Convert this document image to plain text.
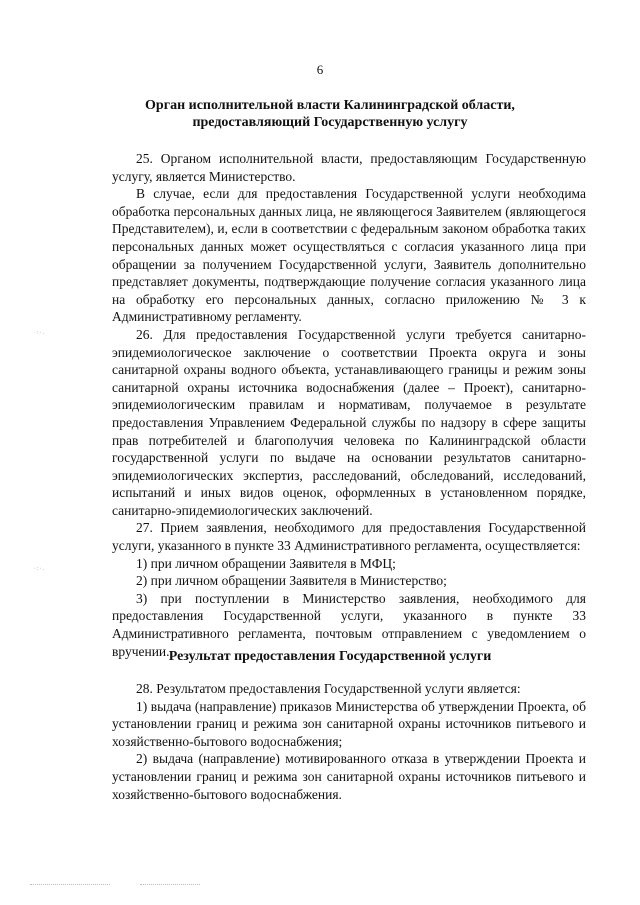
6
Орган исполнительной власти Калининградской области,
предоставляющий Государственную услугу

25. Органом исполнительной власти, предоставляющим Государственную услугу, является Министерство.

В случае, если для предоставления Государственной услуги необходима обработка персональных данных лица, не являющегося Заявителем (являющегося Представителем), и, если в соответствии с федеральным законом обработка таких персональных данных может осуществляться с согласия указанного лица при обращении за получением Государственной услуги, Заявитель дополнительно представляет документы, подтверждающие получение согласия указанного лица на обработку его персональных данных, согласно приложению № 3 к Административному регламенту.

26. Для предоставления Государственной услуги требуется санитарно-эпидемиологическое заключение о соответствии Проекта округа и зоны санитарной охраны водного объекта, устанавливающего границы и режим зоны санитарной охраны источника водоснабжения (далее – Проект), санитарно-эпидемиологическим правилам и нормативам, получаемое в результате предоставления Управлением Федеральной службы по надзору в сфере защиты прав потребителей и благополучия человека по Калининградской области государственной услуги по выдаче на основании результатов санитарно-эпидемиологических экспертиз, расследований, обследований, исследований, испытаний и иных видов оценок, оформленных в установленном порядке, санитарно-эпидемиологических заключений.

27. Прием заявления, необходимого для предоставления Государственной услуги, указанного в пункте 33 Административного регламента, осуществляется:

1) при личном обращении Заявителя в МФЦ;

2) при личном обращении Заявителя в Министерство;

3) при поступлении в Министерство заявления, необходимого для предоставления Государственной услуги, указанного в пункте 33 Административного регламента, почтовым отправлением с уведомлением о вручении. Результат предоставления Государственной услуги

28. Результатом предоставления Государственной услуги является:

1) выдача (направление) приказов Министерства об утверждении Проекта, об установлении границ и режима зон санитарной охраны источников питьевого и хозяйственно-бытового водоснабжения;

2) выдача (направление) мотивированного отказа в утверждении Проекта и установлении границ и режима зон санитарной охраны источников питьевого и хозяйственно-бытового водоснабжения.

·:·.
·:·.
